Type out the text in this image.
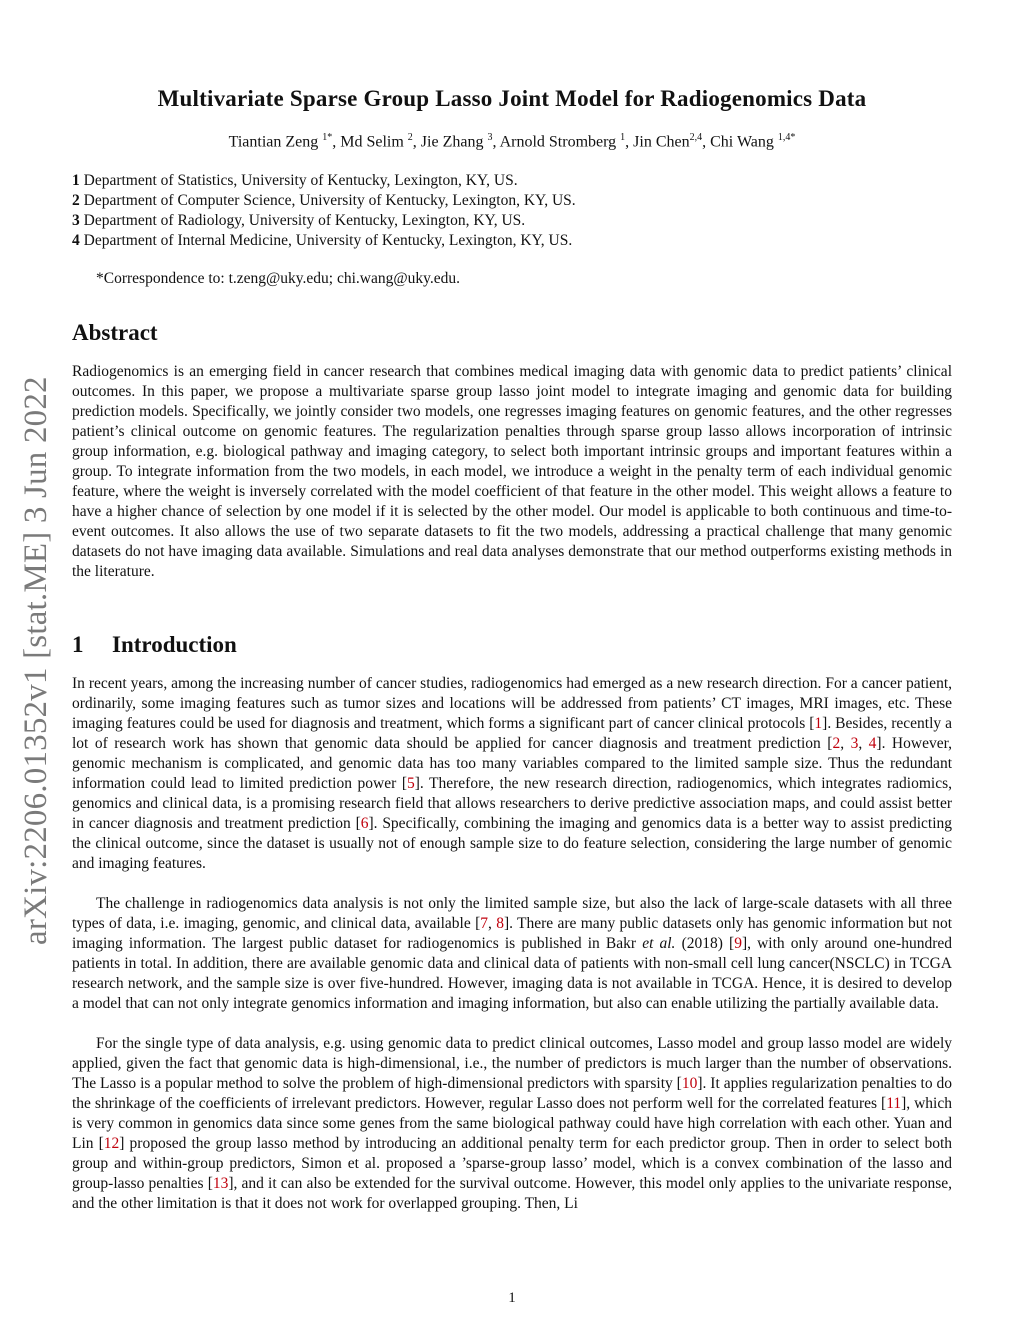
arXiv:2206.01352v1 [stat.ME] 3 Jun 2022
Multivariate Sparse Group Lasso Joint Model for Radiogenomics Data
Tiantian Zeng $^{1*}$, Md Selim $^2$, Jie Zhang $^3$, Arnold Stromberg $^1$, Jin Chen$^{2,4}$, Chi Wang $^{1,4*}$
1 Department of Statistics, University of Kentucky, Lexington, KY, US.
2 Department of Computer Science, University of Kentucky, Lexington, KY, US.
3 Department of Radiology, University of Kentucky, Lexington, KY, US.
4 Department of Internal Medicine, University of Kentucky, Lexington, KY, US.
*Correspondence to: t.zeng@uky.edu; chi.wang@uky.edu.
Abstract
Radiogenomics is an emerging field in cancer research that combines medical imaging data with genomic data to predict patients’ clinical outcomes. In this paper, we propose a multivariate sparse group lasso joint model to integrate imaging and genomic data for building prediction models. Specifically, we jointly consider two models, one regresses imaging features on genomic features, and the other regresses patient’s clinical outcome on genomic features. The regularization penalties through sparse group lasso allows incorporation of intrinsic group information, e.g. biological pathway and imaging category, to select both important intrinsic groups and important features within a group. To integrate information from the two models, in each model, we introduce a weight in the penalty term of each individual genomic feature, where the weight is inversely correlated with the model coefficient of that feature in the other model. This weight allows a feature to have a higher chance of selection by one model if it is selected by the other model. Our model is applicable to both continuous and time-to-event outcomes. It also allows the use of two separate datasets to fit the two models, addressing a practical challenge that many genomic datasets do not have imaging data available. Simulations and real data analyses demonstrate that our method outperforms existing methods in the literature.
1 Introduction
In recent years, among the increasing number of cancer studies, radiogenomics had emerged as a new research direction. For a cancer patient, ordinarily, some imaging features such as tumor sizes and locations will be addressed from patients’ CT images, MRI images, etc. These imaging features could be used for diagnosis and treatment, which forms a significant part of cancer clinical protocols [1]. Besides, recently a lot of research work has shown that genomic data should be applied for cancer diagnosis and treatment prediction [2, 3, 4]. However, genomic mechanism is complicated, and genomic data has too many variables compared to the limited sample size. Thus the redundant information could lead to limited prediction power [5]. Therefore, the new research direction, radiogenomics, which integrates radiomics, genomics and clinical data, is a promising research field that allows researchers to derive predictive association maps, and could assist better in cancer diagnosis and treatment prediction [6]. Specifically, combining the imaging and genomics data is a better way to assist predicting the clinical outcome, since the dataset is usually not of enough sample size to do feature selection, considering the large number of genomic and imaging features.
The challenge in radiogenomics data analysis is not only the limited sample size, but also the lack of large-scale datasets with all three types of data, i.e. imaging, genomic, and clinical data, available [7, 8]. There are many public datasets only has genomic information but not imaging information. The largest public dataset for radiogenomics is published in Bakr et al. (2018) [9], with only around one-hundred patients in total. In addition, there are available genomic data and clinical data of patients with non-small cell lung cancer(NSCLC) in TCGA research network, and the sample size is over five-hundred. However, imaging data is not available in TCGA. Hence, it is desired to develop a model that can not only integrate genomics information and imaging information, but also can enable utilizing the partially available data.
For the single type of data analysis, e.g. using genomic data to predict clinical outcomes, Lasso model and group lasso model are widely applied, given the fact that genomic data is high-dimensional, i.e., the number of predictors is much larger than the number of observations. The Lasso is a popular method to solve the problem of high-dimensional predictors with sparsity [10]. It applies regularization penalties to do the shrinkage of the coefficients of irrelevant predictors. However, regular Lasso does not perform well for the correlated features [11], which is very common in genomics data since some genes from the same biological pathway could have high correlation with each other. Yuan and Lin [12] proposed the group lasso method by introducing an additional penalty term for each predictor group. Then in order to select both group and within-group predictors, Simon et al. proposed a ’sparse-group lasso’ model, which is a convex combination of the lasso and group-lasso penalties [13], and it can also be extended for the survival outcome. However, this model only applies to the univariate response, and the other limitation is that it does not work for overlapped grouping. Then, Li
1
